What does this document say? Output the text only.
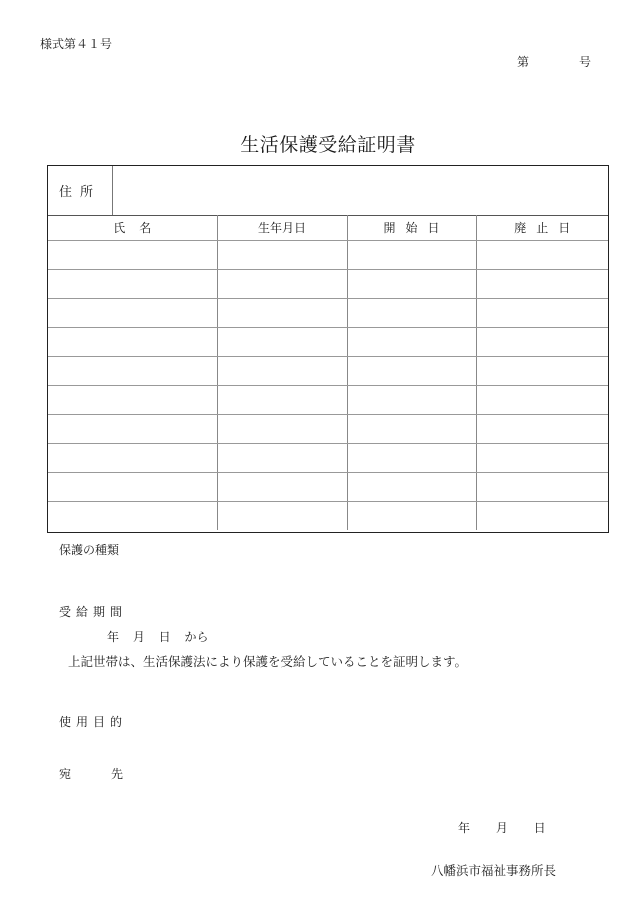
様式第４１号
第	号
生活保護受給証明書
住所
氏名	生年月日	開始日	廃止日

保護の種類
受給期間
年 月 日 から
上記世帯は、生活保護法により保護を受給していることを証明します。
使用目的
宛	先
年 月 日
八幡浜市福祉事務所長
